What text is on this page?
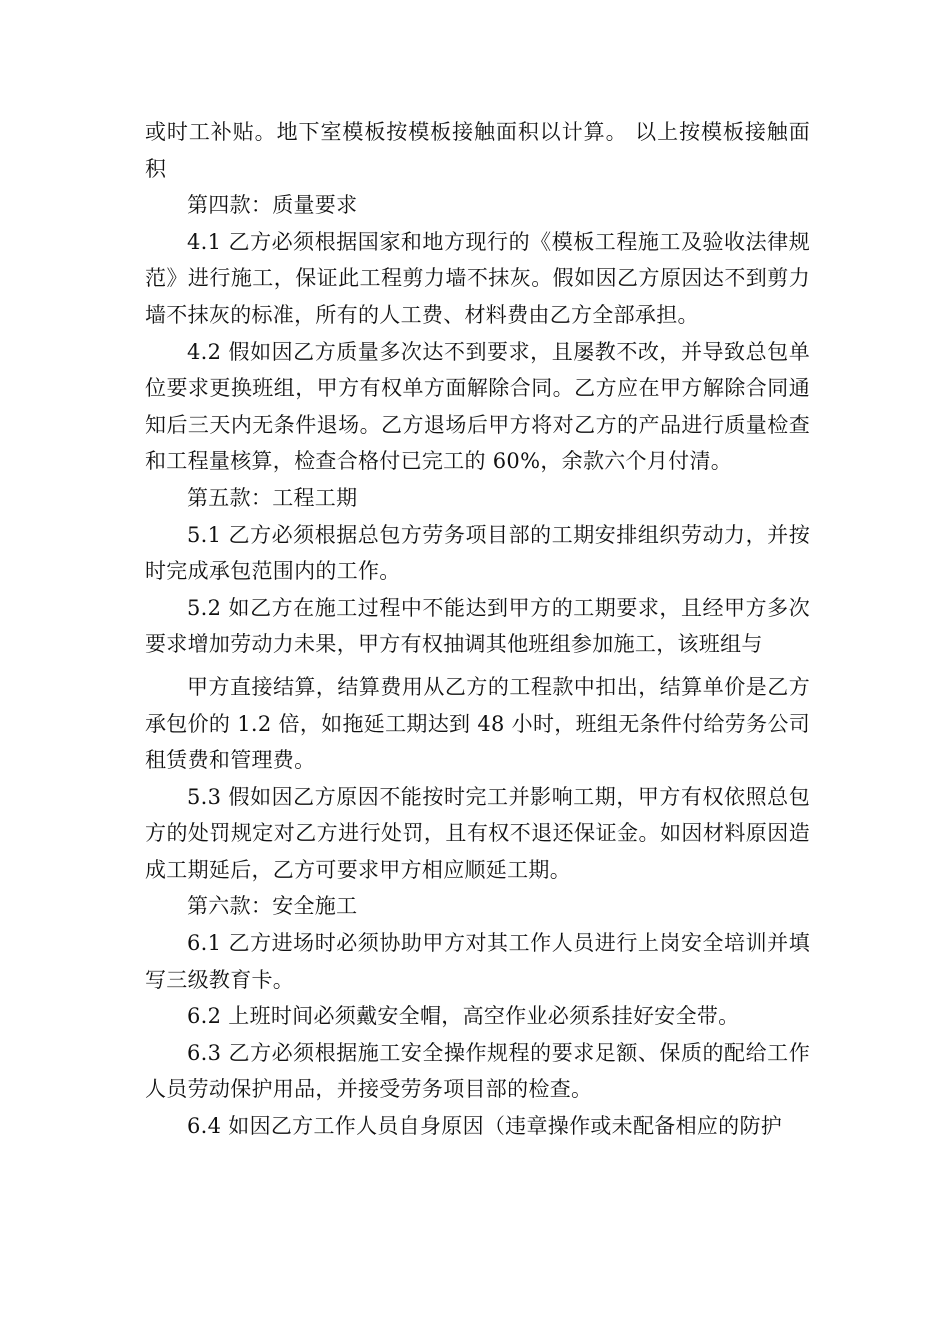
或时工补贴。地下室模板按模板接触面积以计算。 以上按模板接触面积

第四款：质量要求

4.1 乙方必须根据国家和地方现行的《模板工程施工及验收法律规范》进行施工，保证此工程剪力墙不抹灰。假如因乙方原因达不到剪力墙不抹灰的标准，所有的人工费、材料费由乙方全部承担。

4.2 假如因乙方质量多次达不到要求，且屡教不改，并导致总包单位要求更换班组，甲方有权单方面解除合同。乙方应在甲方解除合同通知后三天内无条件退场。乙方退场后甲方将对乙方的产品进行质量检查和工程量核算，检查合格付已完工的 60%，余款六个月付清。

第五款：工程工期

5.1 乙方必须根据总包方劳务项目部的工期安排组织劳动力，并按时完成承包范围内的工作。

5.2 如乙方在施工过程中不能达到甲方的工期要求，且经甲方多次要求增加劳动力未果，甲方有权抽调其他班组参加施工，该班组与

甲方直接结算，结算费用从乙方的工程款中扣出，结算单价是乙方承包价的 1.2 倍，如拖延工期达到 48 小时，班组无条件付给劳务公司租赁费和管理费。

5.3 假如因乙方原因不能按时完工并影响工期，甲方有权依照总包方的处罚规定对乙方进行处罚，且有权不退还保证金。如因材料原因造成工期延后，乙方可要求甲方相应顺延工期。

第六款：安全施工

6.1 乙方进场时必须协助甲方对其工作人员进行上岗安全培训并填写三级教育卡。

6.2 上班时间必须戴安全帽，高空作业必须系挂好安全带。

6.3 乙方必须根据施工安全操作规程的要求足额、保质的配给工作人员劳动保护用品，并接受劳务项目部的检查。

6.4 如因乙方工作人员自身原因（违章操作或未配备相应的防护
